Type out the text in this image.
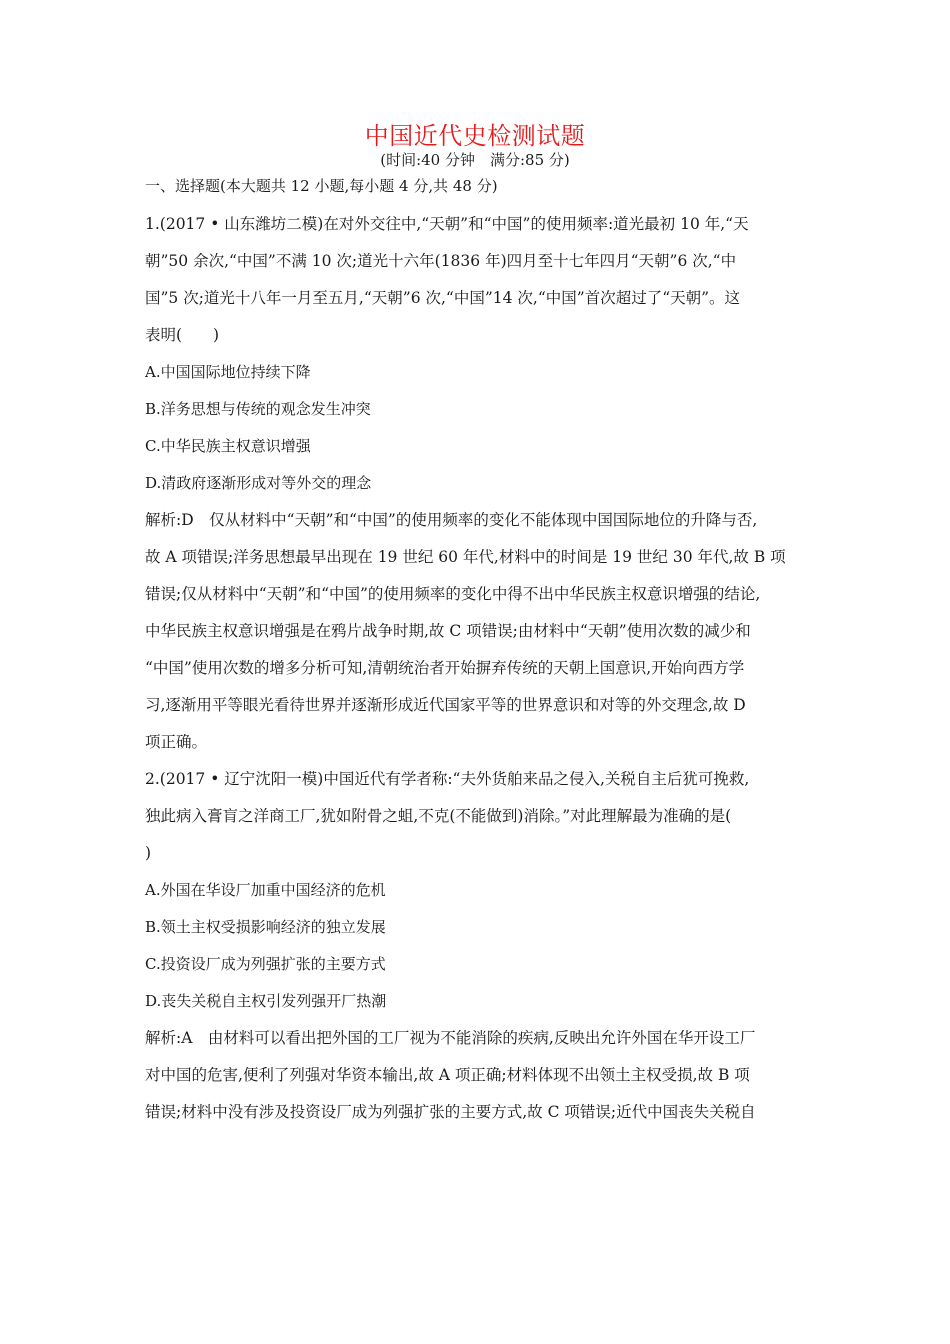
中国近代史检测试题
(时间:40 分钟　满分:85 分)
一、选择题(本大题共 12 小题,每小题 4 分,共 48 分)
1.(2017 • 山东潍坊二模)在对外交往中,“天朝”和“中国”的使用频率:道光最初 10 年,“天
朝”50 余次,“中国”不满 10 次;道光十六年(1836 年)四月至十七年四月“天朝”6 次,“中
国”5 次;道光十八年一月至五月,“天朝”6 次,“中国”14 次,“中国”首次超过了“天朝”。这
表明(　　)
A.中国国际地位持续下降
B.洋务思想与传统的观念发生冲突
C.中华民族主权意识增强
D.清政府逐渐形成对等外交的理念
解析:D　仅从材料中“天朝”和“中国”的使用频率的变化不能体现中国国际地位的升降与否,
故 A 项错误;洋务思想最早出现在 19 世纪 60 年代,材料中的时间是 19 世纪 30 年代,故 B 项
错误;仅从材料中“天朝”和“中国”的使用频率的变化中得不出中华民族主权意识增强的结论,
中华民族主权意识增强是在鸦片战争时期,故 C 项错误;由材料中“天朝”使用次数的减少和
“中国”使用次数的增多分析可知,清朝统治者开始摒弃传统的天朝上国意识,开始向西方学
习,逐渐用平等眼光看待世界并逐渐形成近代国家平等的世界意识和对等的外交理念,故 D
项正确。
2.(2017 • 辽宁沈阳一模)中国近代有学者称:“夫外货舶来品之侵入,关税自主后犹可挽救,
独此病入膏肓之洋商工厂,犹如附骨之蛆,不克(不能做到)消除。”对此理解最为准确的是(
)
A.外国在华设厂加重中国经济的危机
B.领土主权受损影响经济的独立发展
C.投资设厂成为列强扩张的主要方式
D.丧失关税自主权引发列强开厂热潮
解析:A　由材料可以看出把外国的工厂视为不能消除的疾病,反映出允许外国在华开设工厂
对中国的危害,便利了列强对华资本输出,故 A 项正确;材料体现不出领土主权受损,故 B 项
错误;材料中没有涉及投资设厂成为列强扩张的主要方式,故 C 项错误;近代中国丧失关税自
